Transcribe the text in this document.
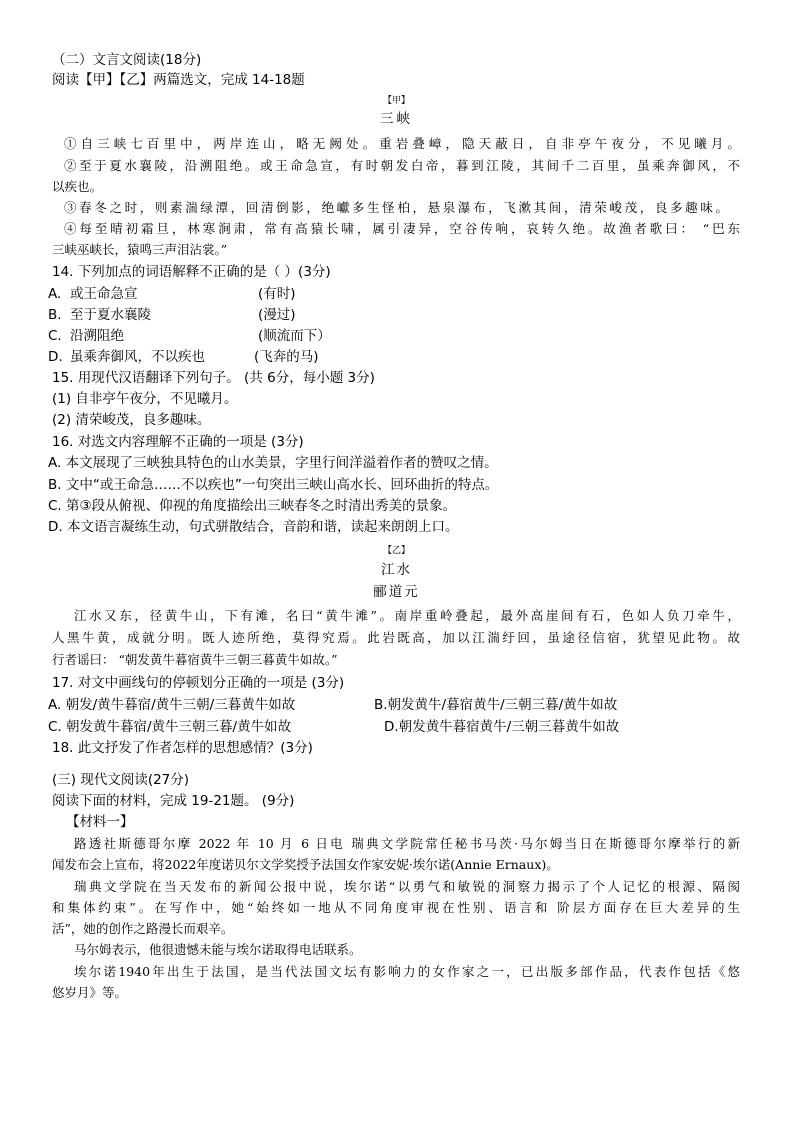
（二）文言文阅读(18分)
阅读【甲】【乙】两篇选文，完成 14-18题
【甲】
三峡
①自三峡七百里中，两岸连山，略无阙处。重岩叠嶂，隐天蔽日，自非亭午夜分，不见曦月。
②至于夏水襄陵，沿溯阻绝。或王命急宣，有时朝发白帝，暮到江陵，其间千二百里，虽乘奔御风，不
以疾也。
③春冬之时，则素湍绿潭，回清倒影，绝巘多生怪柏，悬泉瀑布，飞漱其间，清荣峻茂，良多趣味。
④每至晴初霜旦，林寒涧肃，常有高猿长啸，属引凄异，空谷传响，哀转久绝。故渔者歌曰： “巴东
三峡巫峡长，猿鸣三声泪沾裳。”
14. 下列加点的词语解释不正确的是（ ）(3分)
A. 或王命急宣	(有时)
B. 至于夏水襄陵	(漫过)
C. 沿溯阻绝	(顺流而下）
D. 虽乘奔御风，不以疾也	(飞奔的马)
15. 用现代汉语翻译下列句子。 (共 6分，每小题 3分)
(1) 自非亭午夜分，不见曦月。
(2) 清荣峻茂，良多趣味。
16. 对选文内容理解不正确的一项是 (3分)
A. 本文展现了三峡独具特色的山水美景，字里行间洋溢着作者的赞叹之情。
B. 文中“或王命急……不以疾也”一句突出三峡山高水长、回环曲折的特点。
C. 第③段从俯视、仰视的角度描绘出三峡春冬之时清出秀美的景象。
D. 本文语言凝练生动，句式骈散结合，音韵和谐，读起来朗朗上口。
【乙】
江水
郦道元
江水又东，径黄牛山，下有滩，名曰“黄牛滩”。南岸重岭叠起，最外高崖间有石，色如人负刀牵牛，
人黑牛黄，成就分明。既人迹所绝，莫得究焉。此岩既高，加以江湍纡回，虽途径信宿，犹望见此物。故
行者谣曰： “朝发黄牛暮宿黄牛三朝三暮黄牛如故。”
17. 对文中画线句的停顿划分正确的一项是 (3分)
A. 朝发/黄牛暮宿/黄牛三朝/三暮黄牛如故	B.朝发黄牛/暮宿黄牛/三朝三暮/黄牛如故
C. 朝发黄牛暮宿/黄牛三朝三暮/黄牛如故	D.朝发黄牛暮宿黄牛/三朝三暮黄牛如故
18. 此文抒发了作者怎样的思想感情？(3分)
(三) 现代文阅读(27分)
阅读下面的材料，完成 19-21题。 (9分)
【材料一】
路透社斯德哥尔摩 2022 年 10 月 6 日电 瑞典文学院常任秘书马茨·马尔姆当日在斯德哥尔摩举行的新
闻发布会上宣布，将2022年度诺贝尔文学奖授予法国女作家安妮·埃尔诺(Annie Ernaux)。
瑞典文学院在当天发布的新闻公报中说，埃尔诺“以勇气和敏锐的洞察力揭示了个人记忆的根源、隔阂
和集体约束”。在写作中，她“始终如一地从不同角度审视在性别、语言和 阶层方面存在巨大差异的生
活”，她的创作之路漫长而艰辛。
马尔姆表示，他很遗憾未能与埃尔诺取得电话联系。
埃尔诺1940年出生于法国，是当代法国文坛有影响力的女作家之一，已出版多部作品，代表作包括《悠
悠岁月》等。
